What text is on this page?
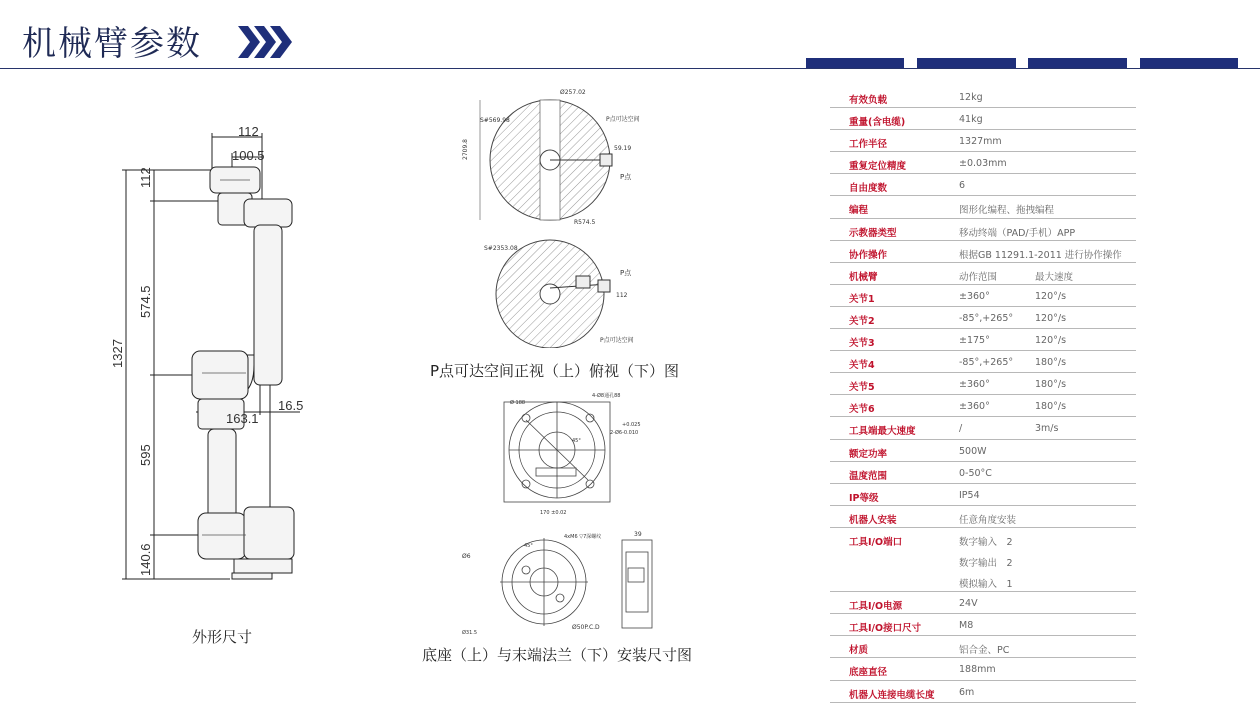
机械臂参数
112
100.5
112
574.5
1327
16.5
163.1
595
140.6
外形尺寸
Ø257.02
S#569.98	P点可达空间
59.19
P点
2709.8
R574.5
S#2353.08
P点
112
P点可达空间
P点可达空间正视（上）俯视（下）图
Ø 188
4-Ø8通孔88
+0.025
2-Ø6-0.010
45°
170 ±0.02
4xM6 ▽7深螺纹
45°
Ø6
Ø31.5
Ø50P.C.D
39
底座（上）与末端法兰（下）安装尺寸图
有效负载	12kg
重量(含电缆)	41kg
工作半径	1327mm
重复定位精度	±0.03mm
自由度数	6
编程	图形化编程、拖拽编程
示教器类型	移动终端（PAD/手机）APP
协作操作	根据GB 11291.1-2011 进行协作操作
机械臂	动作范围	最大速度
关节1	±360°	120°/s
关节2	-85°,+265° 120°/s
关节3	±175°	120°/s
关节4	-85°,+265° 180°/s
关节5	±360°	180°/s
关节6	±360°	180°/s
工具端最大速度	/	3m/s
额定功率	500W
温度范围	0-50°C
IP等级	IP54
机器人安装	任意角度安装
工具I/O端口	数字输入　2
数字输出　2
模拟输入　1
工具I/O电源	24V
工具I/O接口尺寸	M8
材质	铝合金、PC
底座直径	188mm
机器人连接电缆长度	6m
